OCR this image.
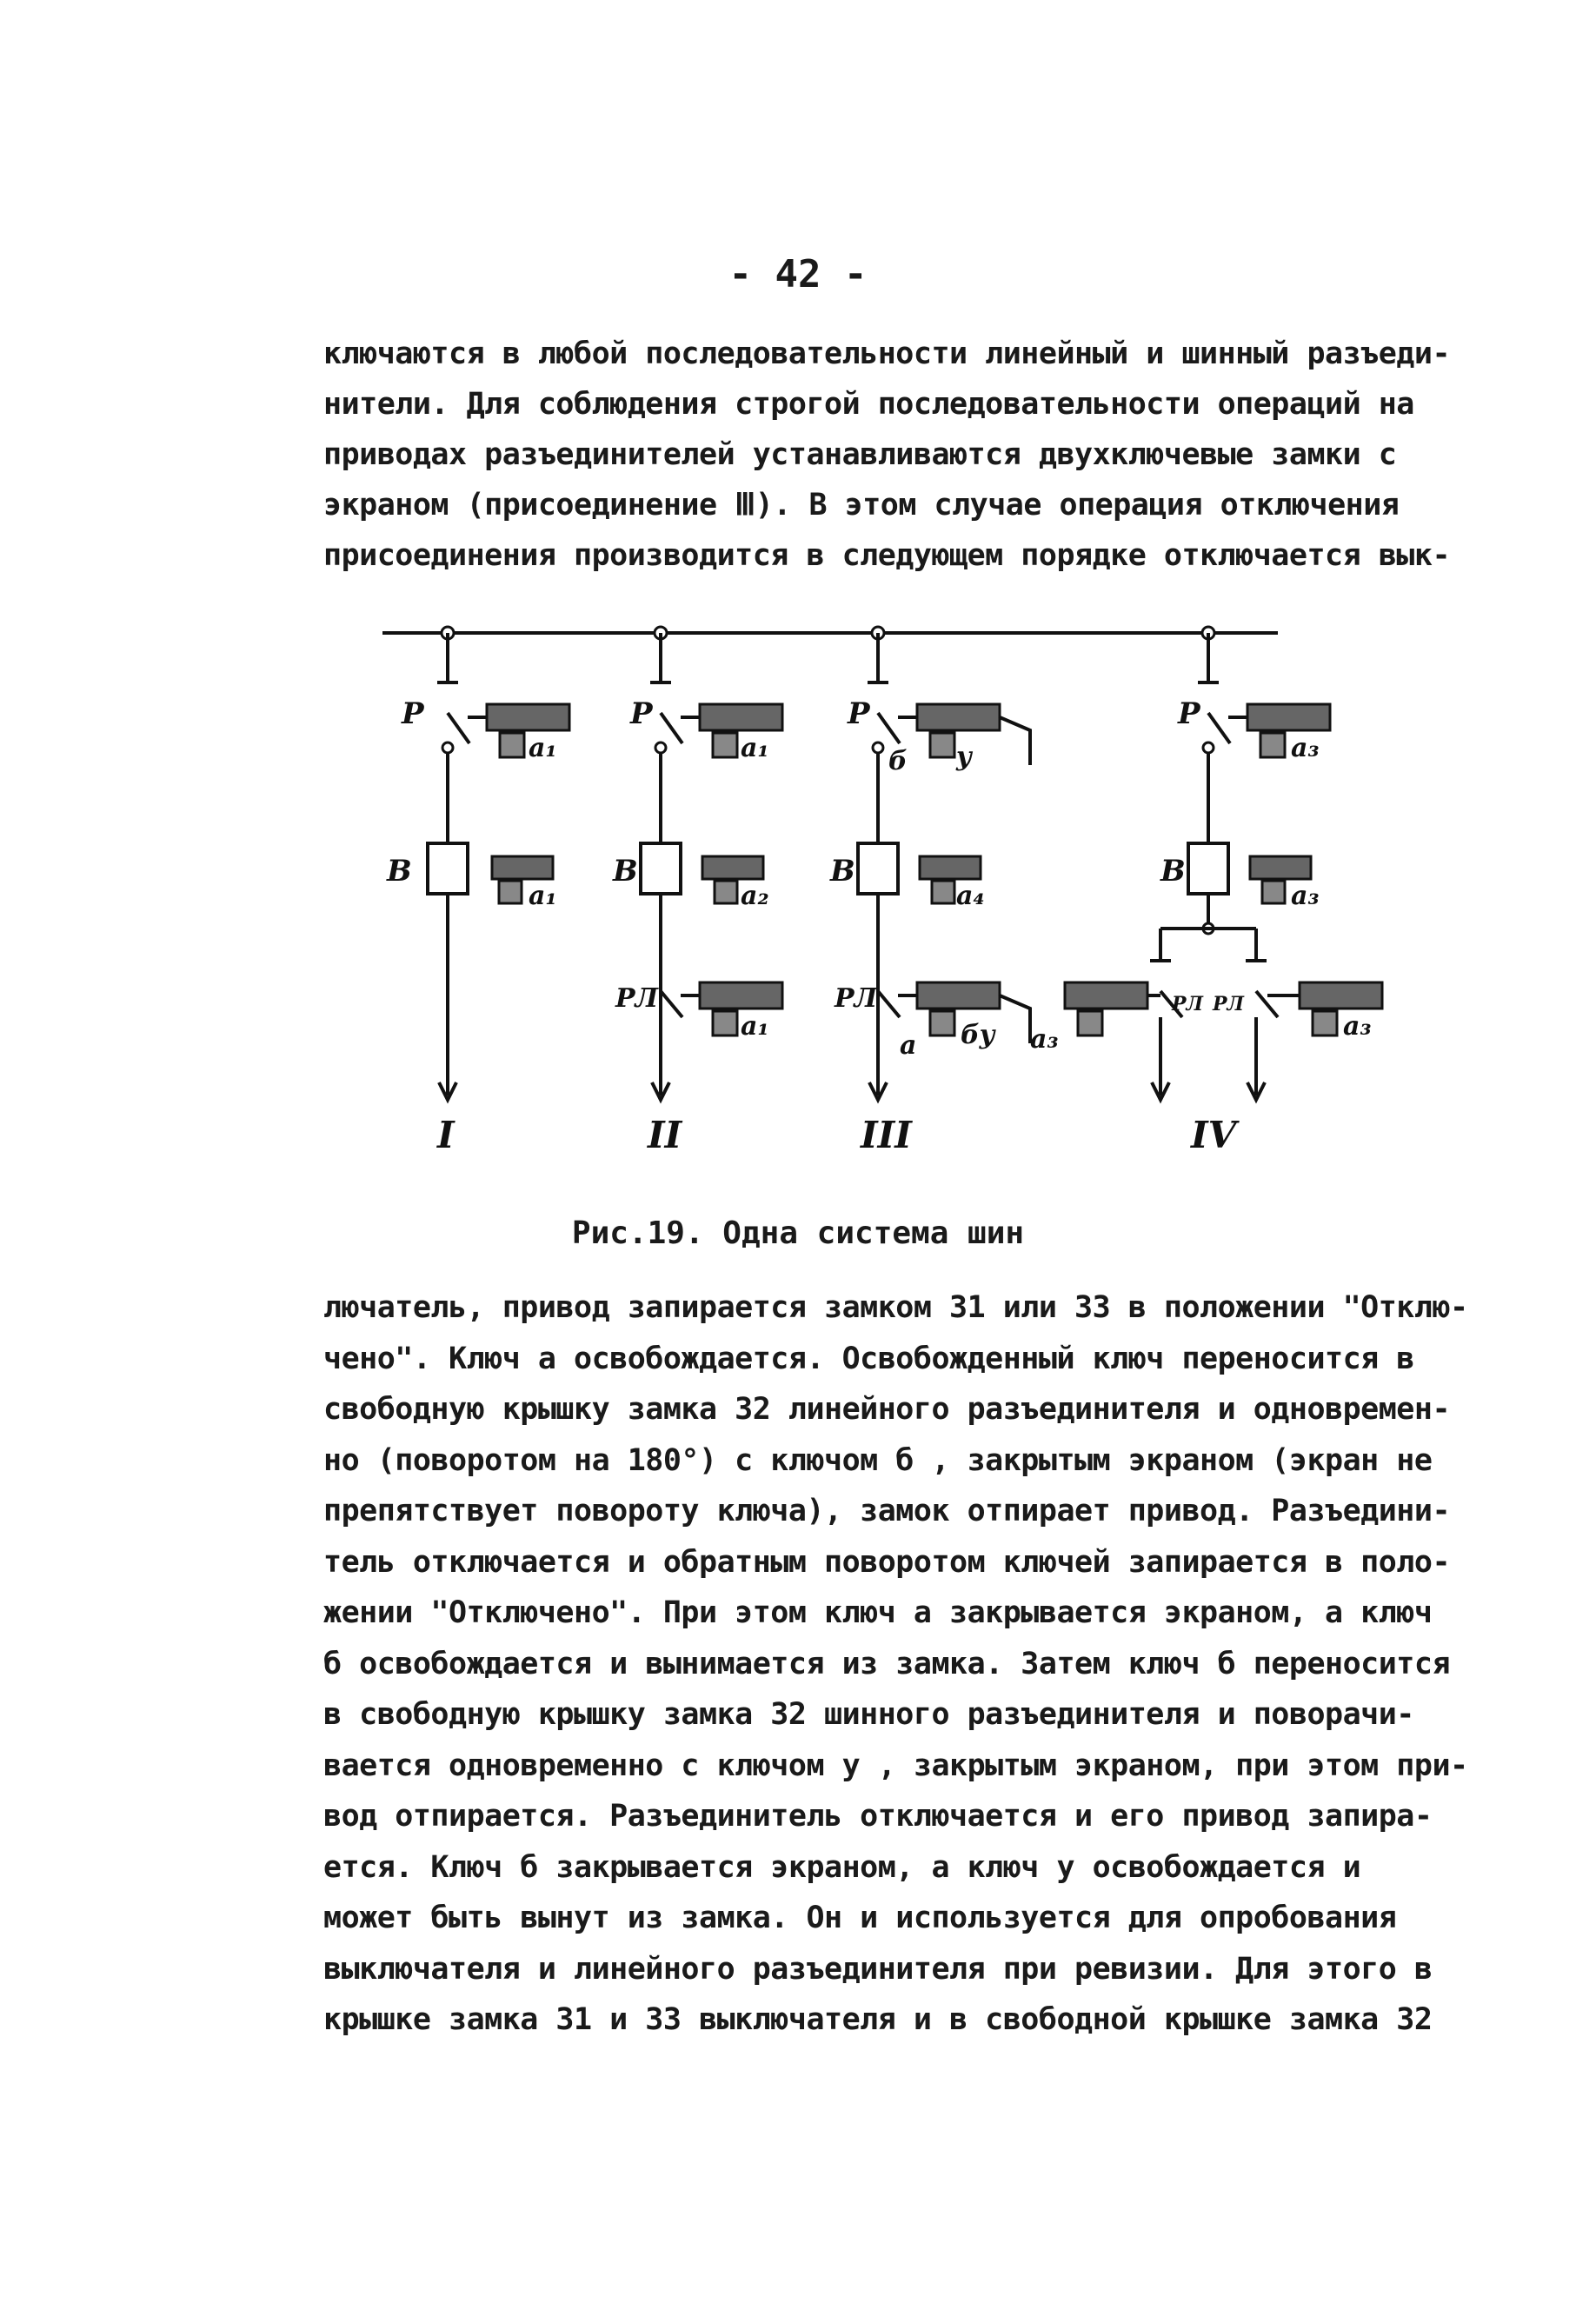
- 42 -
ключаются в любой последовательности линейный и шинный разъеди-
нители. Для соблюдения строгой последовательности операций на
приводах разъединителей устанавливаются двухключевые замки с
экраном (присоединение Ⅲ). В этом случае операция отключения
присоединения производится в следующем порядке отключается вык-
Р
а₁
В
а₁
I
Р
а₁
В
а₂
РЛ
а₁
II
Р
у
б
В
а₄
РЛ
бу
а	а₃
III
Р
а₃
В
а₃
РЛ РЛ
а₃
IV
Рис.19. Одна система шин
лючатель, привод запирается замком 31 или 33 в положении "Отклю-
чено". Ключ а освобождается. Освобожденный ключ переносится в
свободную крышку замка 32 линейного разъединителя и одновремен-
но (поворотом на 180°) с ключом б , закрытым экраном (экран не
препятствует повороту ключа), замок отпирает привод. Разъедини-
тель отключается и обратным поворотом ключей запирается в поло-
жении "Отключено". При этом ключ а закрывается экраном, а ключ
б освобождается и вынимается из замка. Затем ключ б переносится
в свободную крышку замка 32 шинного разъединителя и поворачи-
вается одновременно с ключом у , закрытым экраном, при этом при-
вод отпирается. Разъединитель отключается и его привод запира-
ется. Ключ б закрывается экраном, а ключ у освобождается и
может быть вынут из замка. Он и используется для опробования
выключателя и линейного разъединителя при ревизии. Для этого в
крышке замка 31 и 33 выключателя и в свободной крышке замка 32
